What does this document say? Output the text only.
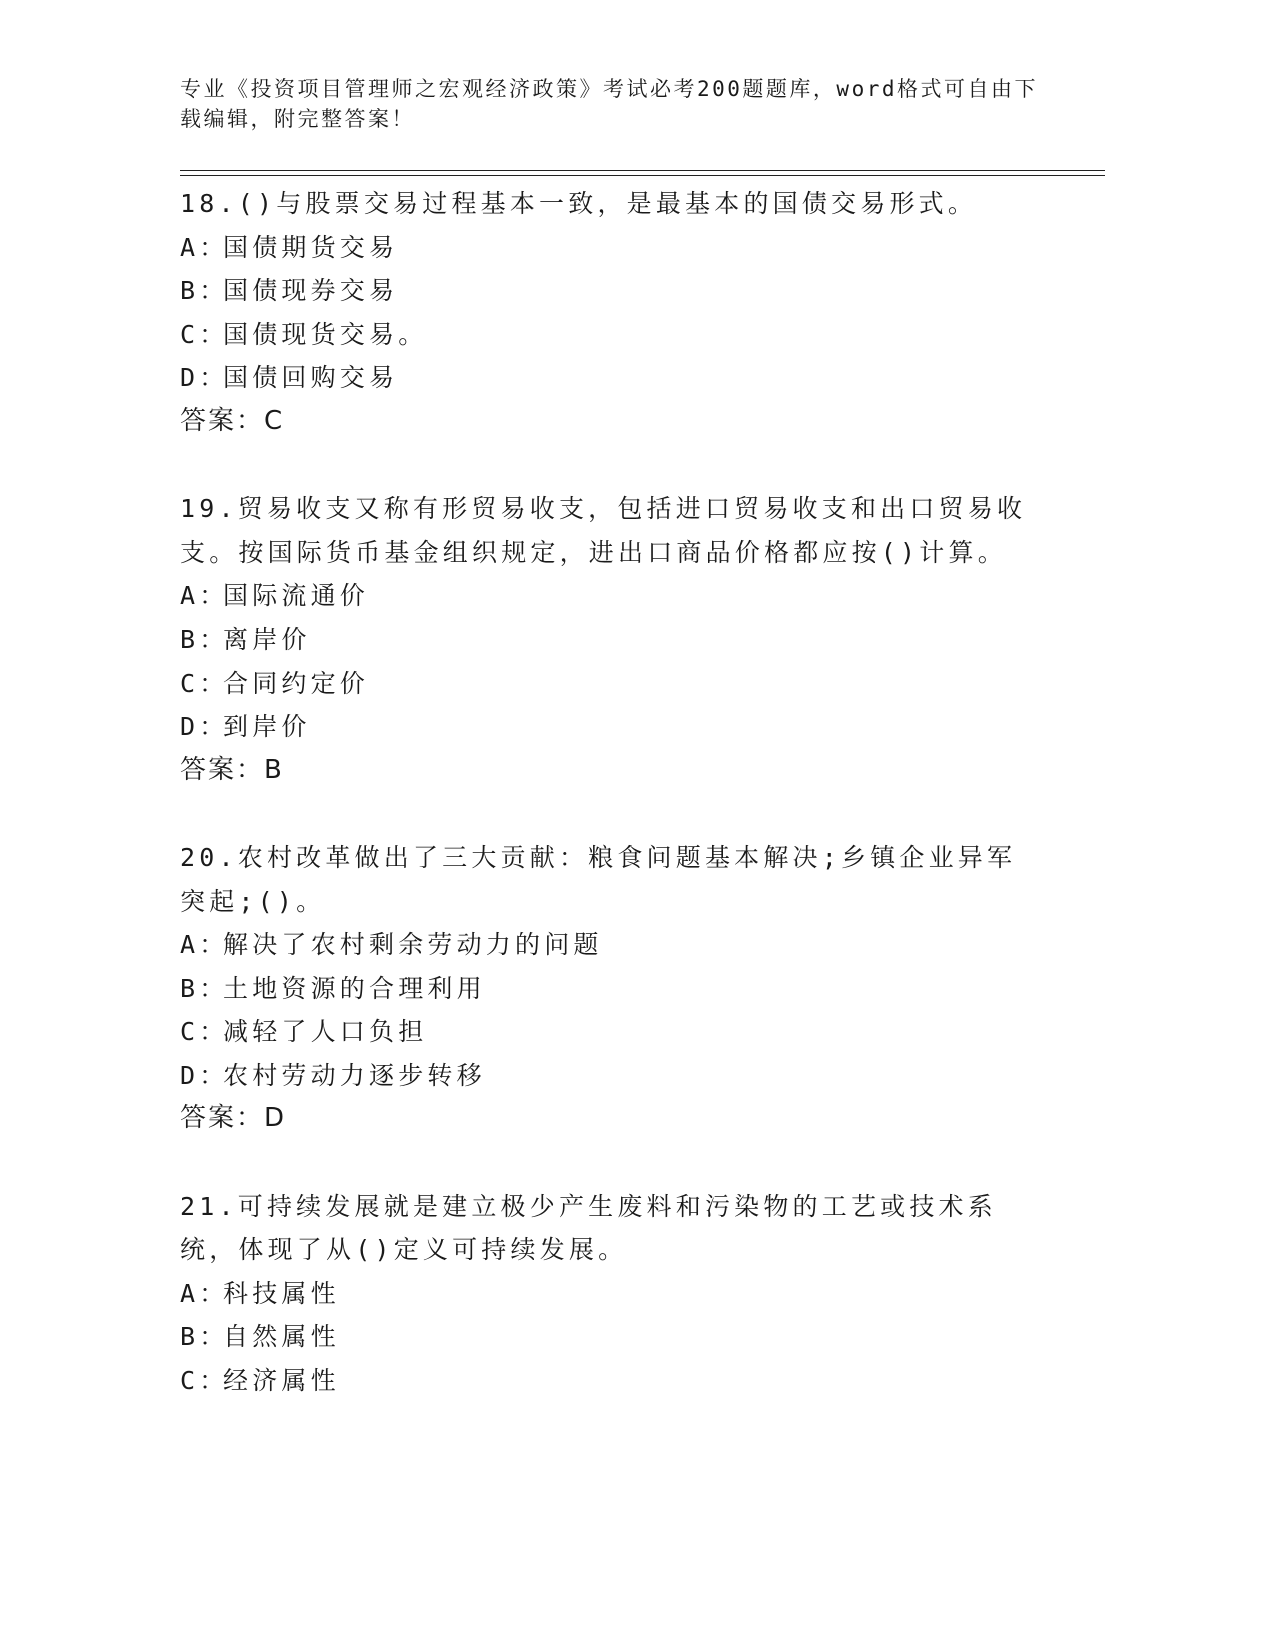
专业《投资项目管理师之宏观经济政策》考试必考200题题库，word格式可自由下载编辑，附完整答案！
18.()与股票交易过程基本一致，是最基本的国债交易形式。
A：国债期货交易
B：国债现券交易
C：国债现货交易。
D：国债回购交易
答案：C
19.贸易收支又称有形贸易收支，包括进口贸易收支和出口贸易收支。按国际货币基金组织规定，进出口商品价格都应按()计算。
A：国际流通价
B：离岸价
C：合同约定价
D：到岸价
答案：B
20.农村改革做出了三大贡献：粮食问题基本解决;乡镇企业异军突起;()。
A：解决了农村剩余劳动力的问题
B：土地资源的合理利用
C：减轻了人口负担
D：农村劳动力逐步转移
答案：D
21.可持续发展就是建立极少产生废料和污染物的工艺或技术系统，体现了从()定义可持续发展。
A：科技属性
B：自然属性
C：经济属性
